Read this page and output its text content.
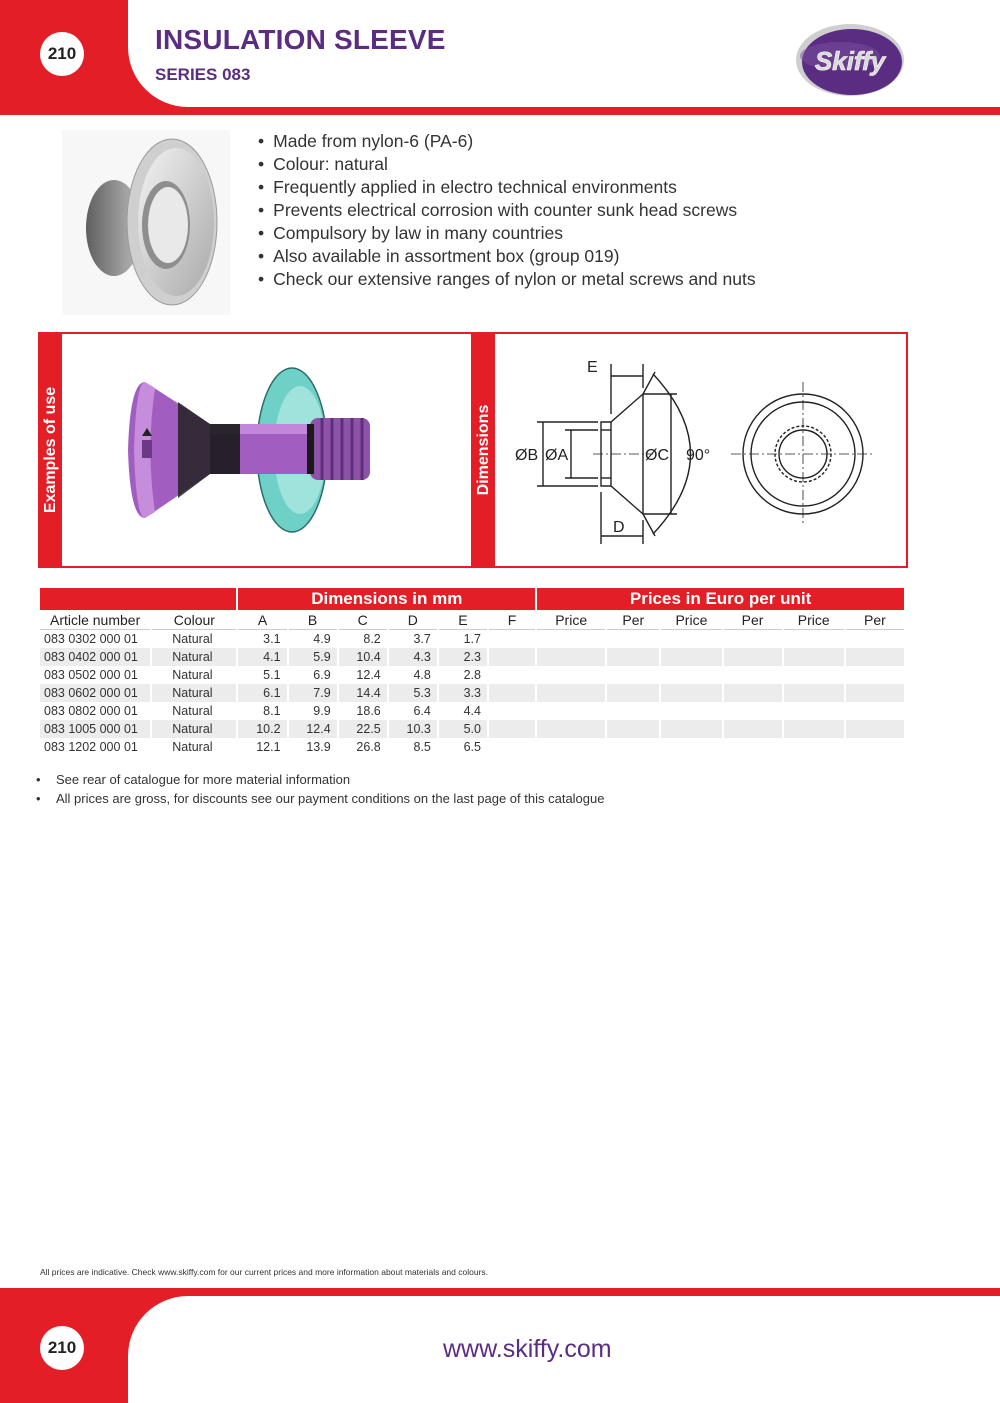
210	INSULATION SLEEVE
SERIES 083	Skiffy
• Made from nylon-6 (PA-6)
• Colour: natural
• Frequently applied in electro technical environments
• Prevents electrical corrosion with counter sunk head screws
• Compulsory by law in many countries
• Also available in assortment box (group 019)
• Check our extensive ranges of nylon or metal screws and nuts
Examples of use	Dimensions
E
ØB ØA	ØC
D
90°
		Dimensions in mm						Prices in Euro per unit					
Article number	Colour	A	B	C	D	E	F	Price	Per	Price	Per	Price	Per
083 0302 000 01	Natural	3.1	4.9	8.2	3.7	1.7							
083 0402 000 01	Natural	4.1	5.9	10.4	4.3	2.3							
083 0502 000 01	Natural	5.1	6.9	12.4	4.8	2.8							
083 0602 000 01	Natural	6.1	7.9	14.4	5.3	3.3							
083 0802 000 01	Natural	8.1	9.9	18.6	6.4	4.4							
083 1005 000 01	Natural	10.2	12.4	22.5	10.3	5.0							
083 1202 000 01	Natural	12.1	13.9	26.8	8.5	6.5							
• See rear of catalogue for more material information
• All prices are gross, for discounts see our payment conditions on the last page of this catalogue
All prices are indicative. Check www.skiffy.com for our current prices and more information about materials and colours.
210	www.skiffy.com
